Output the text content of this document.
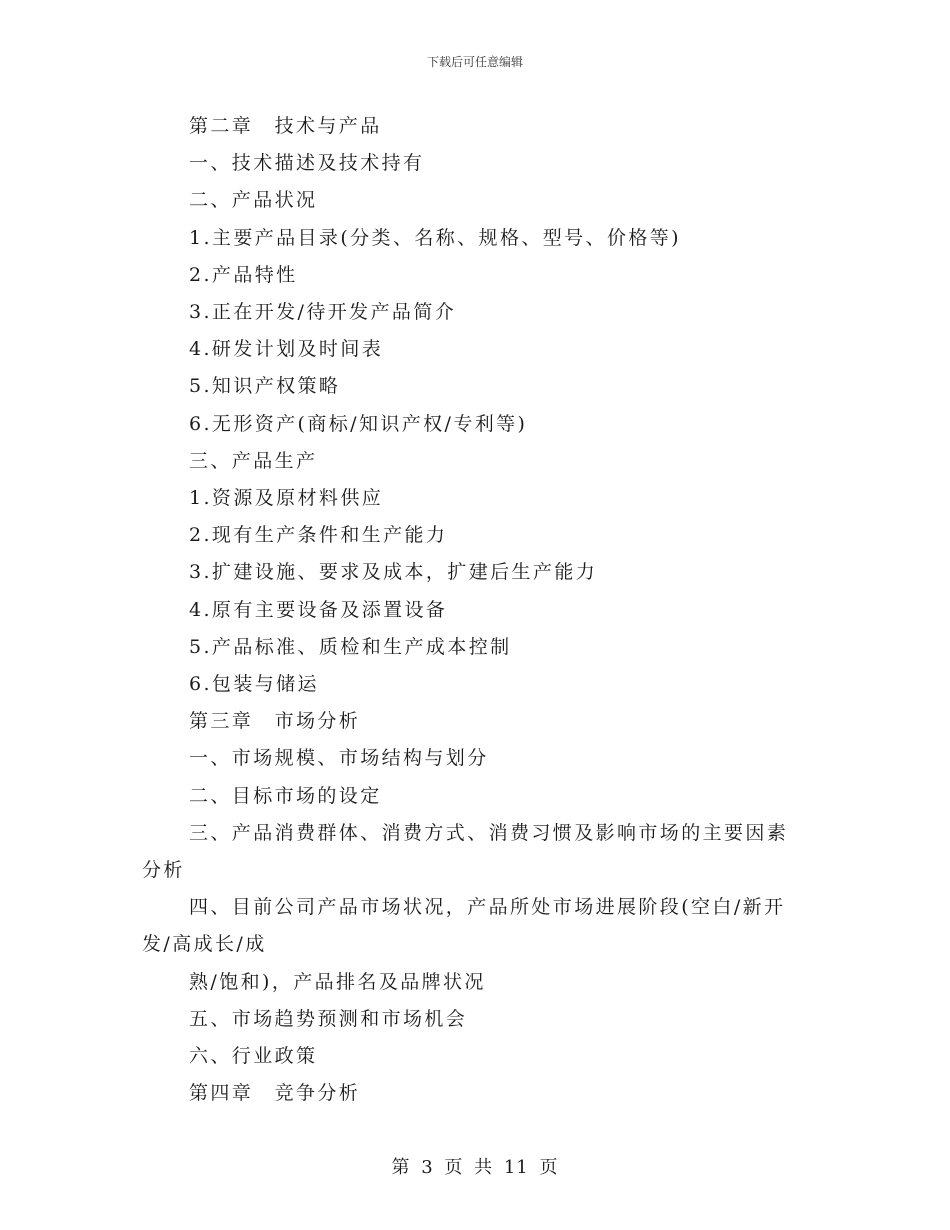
下载后可任意编辑

第二章　技术与产品

一、技术描述及技术持有

二、产品状况

1.主要产品目录(分类、名称、规格、型号、价格等)

2.产品特性

3.正在开发/待开发产品简介

4.研发计划及时间表

5.知识产权策略

6.无形资产(商标/知识产权/专利等)

三、产品生产

1.资源及原材料供应

2.现有生产条件和生产能力

3.扩建设施、要求及成本，扩建后生产能力

4.原有主要设备及添置设备

5.产品标准、质检和生产成本控制

6.包装与储运

第三章　市场分析

一、市场规模、市场结构与划分

二、目标市场的设定

三、产品消费群体、消费方式、消费习惯及影响市场的主要因素

分析

四、目前公司产品市场状况，产品所处市场进展阶段(空白/新开

发/高成长/成

熟/饱和)，产品排名及品牌状况

五、市场趋势预测和市场机会

六、行业政策

第四章　竞争分析

第 3 页 共 11 页
